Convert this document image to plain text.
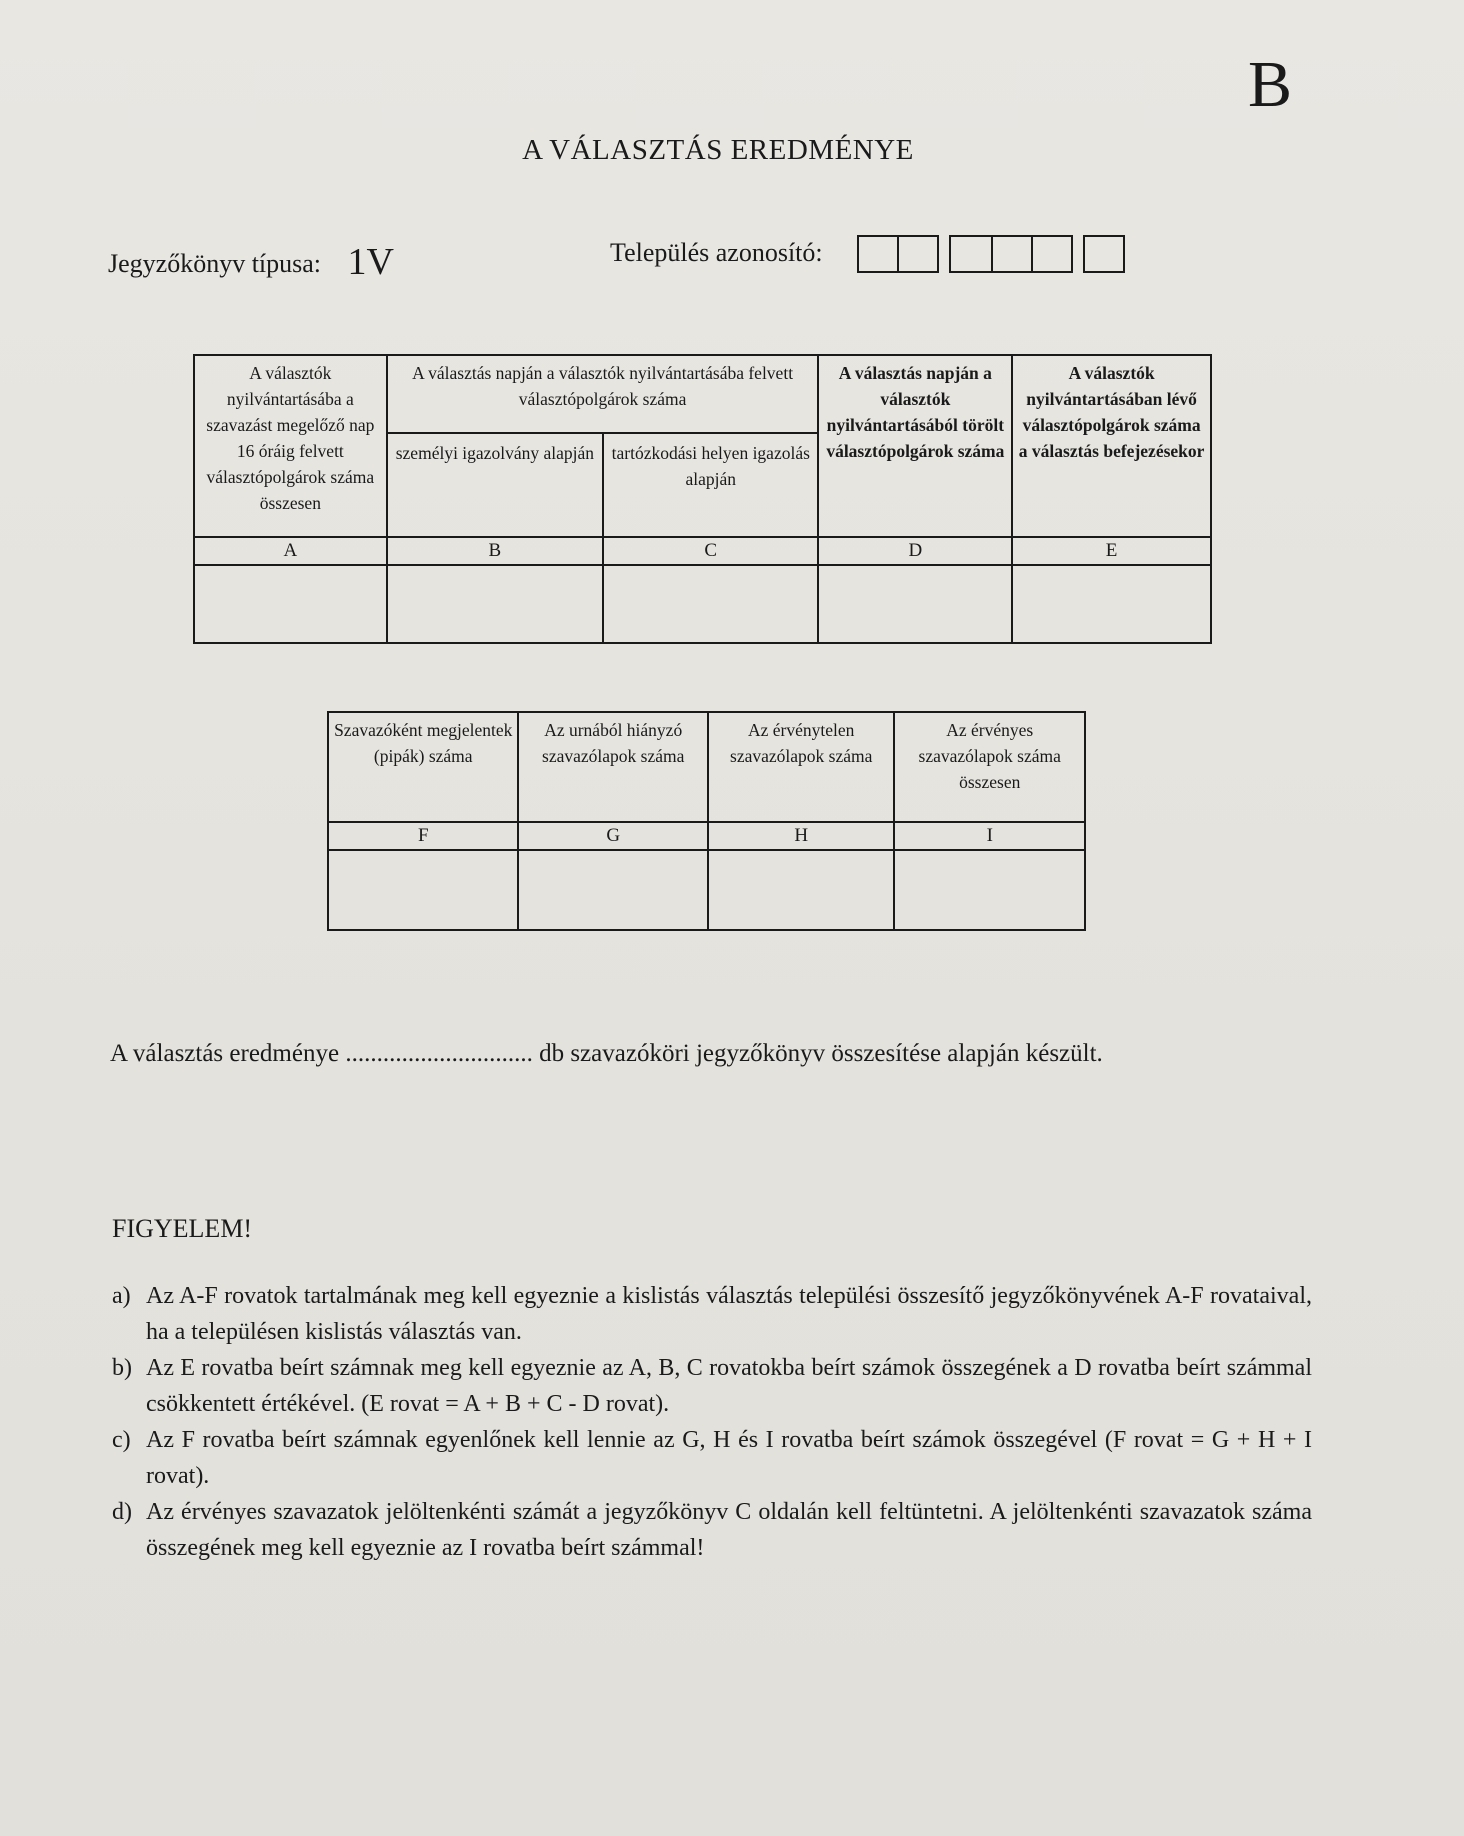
B
A VÁLASZTÁS EREDMÉNYE
Jegyzőkönyv típusa: 1V	Település azonosító:
A választók nyilvántartásába a szavazást megelőző nap 16 óráig felvett választópolgárok száma összesen	A választás napján a választók nyilvántartásába felvett választópolgárok száma		A választás napján a választók nyilvántartásából törölt választópolgárok száma	A választók nyilvántartásában lévő választópolgárok száma a választás befejezésekor
	személyi igazolvány alapján	tartózkodási helyen igazolás alapján		
A	B	C	D	E

Szavazóként megjelentek (pipák) száma	Az urnából hiányzó szavazólapok száma	Az érvénytelen szavazólapok száma	Az érvényes szavazólapok száma összesen
F	G	H	I

A választás eredménye .............................. db szavazóköri jegyzőkönyv összesítése alapján készült.
FIGYELEM!
a) Az A-F rovatok tartalmának meg kell egyeznie a kislistás választás települési összesítő jegyzőkönyvének A-F rovataival, ha a településen kislistás választás van.
b) Az E rovatba beírt számnak meg kell egyeznie az A, B, C rovatokba beírt számok összegének a D rovatba beírt számmal csökkentett értékével. (E rovat = A + B + C - D rovat).
c) Az F rovatba beírt számnak egyenlőnek kell lennie az G, H és I rovatba beírt számok összegével (F rovat = G + H + I rovat).
d) Az érvényes szavazatok jelöltenkénti számát a jegyzőkönyv C oldalán kell feltüntetni. A jelöltenkénti szavazatok száma összegének meg kell egyeznie az I rovatba beírt számmal!
